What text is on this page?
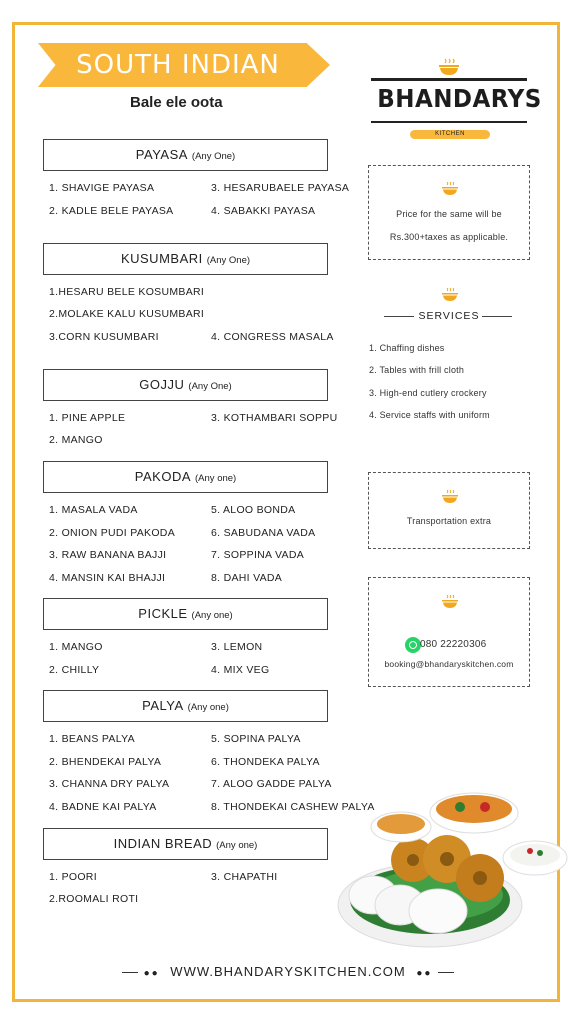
SOUTH INDIAN
Bale ele oota	BHANDARYS
KITCHEN
PAYASA (Any One)
1. SHAVIGE PAYASA	3. HESARUBAELE PAYASA
2. KADLE BELE PAYASA	4. SABAKKI PAYASA
KUSUMBARI (Any One)
1.HESARU BELE KOSUMBARI
2.MOLAKE KALU KUSUMBARI
3.CORN KUSUMBARI	4. CONGRESS MASALA
GOJJU (Any One)
1. PINE APPLE	3. KOTHAMBARI SOPPU
2. MANGO
PAKODA (Any one)
1. MASALA VADA	5. ALOO BONDA
2. ONION PUDI PAKODA	6. SABUDANA VADA
3. RAW BANANA BAJJI	7. SOPPINA VADA
4. MANSIN KAI BHAJJI	8. DAHI VADA
PICKLE (Any one)
1. MANGO	3. LEMON
2. CHILLY	4. MIX VEG
PALYA (Any one)
1. BEANS PALYA	5. SOPINA PALYA
2. BHENDEKAI PALYA	6. THONDEKA PALYA
3. CHANNA DRY PALYA	7. ALOO GADDE PALYA
4. BADNE KAI PALYA	8. THONDEKAI CASHEW PALYA
INDIAN BREAD (Any one)
1. POORI	3. CHAPATHI
2.ROOMALI ROTI
Price for the same will be
Rs.300+taxes as applicable.
SERVICES
1. Chaffing dishes
2. Tables with frill cloth
3. High-end cutlery crockery
4. Service staffs with uniform
Transportation extra
080 22220306
booking@bhandaryskitchen.com
●● WWW.BHANDARYSKITCHEN.COM ●●
